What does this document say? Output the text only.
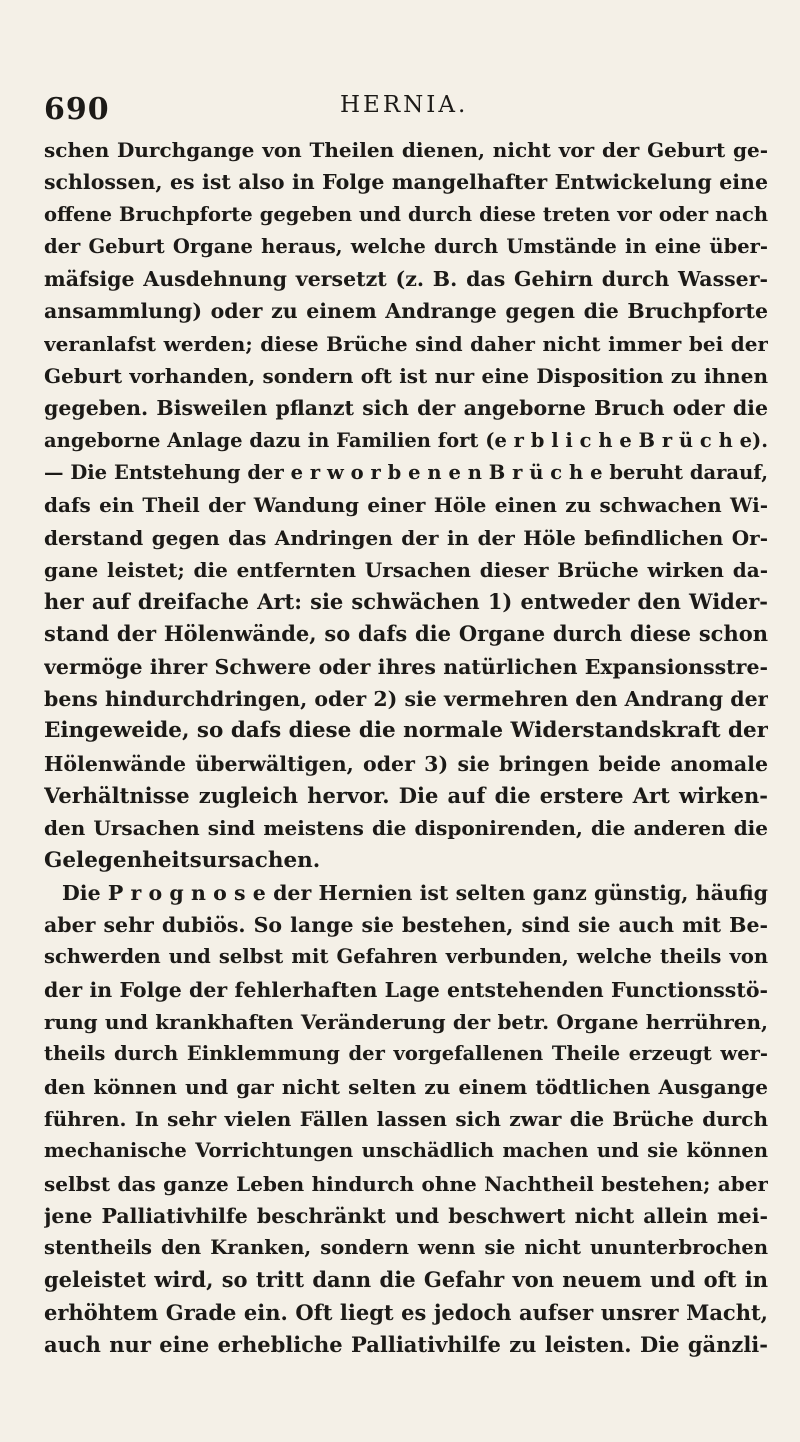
690	HERNIA.
schen Durchgange von Theilen dienen, nicht vor der Geburt ge-
schlossen, es ist also in Folge mangelhafter Entwickelung eine
offene Bruchpforte gegeben und durch diese treten vor oder nach
der Geburt Organe heraus, welche durch Umstände in eine über-
mäfsige Ausdehnung versetzt (z. B. das Gehirn durch Wasser-
ansammlung) oder zu einem Andrange gegen die Bruchpforte
veranlafst werden; diese Brüche sind daher nicht immer bei der
Geburt vorhanden, sondern oft ist nur eine Disposition zu ihnen
gegeben. Bisweilen pflanzt sich der angeborne Bruch oder die
angeborne Anlage dazu in Familien fort (e r b l i c h e B r ü c h e).
— Die Entstehung der e r w o r b e n e n B r ü c h e beruht darauf,
dafs ein Theil der Wandung einer Höle einen zu schwachen Wi-
derstand gegen das Andringen der in der Höle befindlichen Or-
gane leistet; die entfernten Ursachen dieser Brüche wirken da-
her auf dreifache Art: sie schwächen 1) entweder den Wider-
stand der Hölenwände, so dafs die Organe durch diese schon
vermöge ihrer Schwere oder ihres natürlichen Expansionsstre-
bens hindurchdringen, oder 2) sie vermehren den Andrang der
Eingeweide, so dafs diese die normale Widerstandskraft der
Hölenwände überwältigen, oder 3) sie bringen beide anomale
Verhältnisse zugleich hervor. Die auf die erstere Art wirken-
den Ursachen sind meistens die disponirenden, die anderen die
Gelegenheitsursachen.
Die P r o g n o s e der Hernien ist selten ganz günstig, häufig
aber sehr dubiös. So lange sie bestehen, sind sie auch mit Be-
schwerden und selbst mit Gefahren verbunden, welche theils von
der in Folge der fehlerhaften Lage entstehenden Functionsstö-
rung und krankhaften Veränderung der betr. Organe herrühren,
theils durch Einklemmung der vorgefallenen Theile erzeugt wer-
den können und gar nicht selten zu einem tödtlichen Ausgange
führen. In sehr vielen Fällen lassen sich zwar die Brüche durch
mechanische Vorrichtungen unschädlich machen und sie können
selbst das ganze Leben hindurch ohne Nachtheil bestehen; aber
jene Palliativhilfe beschränkt und beschwert nicht allein mei-
stentheils den Kranken, sondern wenn sie nicht ununterbrochen
geleistet wird, so tritt dann die Gefahr von neuem und oft in
erhöhtem Grade ein. Oft liegt es jedoch aufser unsrer Macht,
auch nur eine erhebliche Palliativhilfe zu leisten. Die gänzli-
